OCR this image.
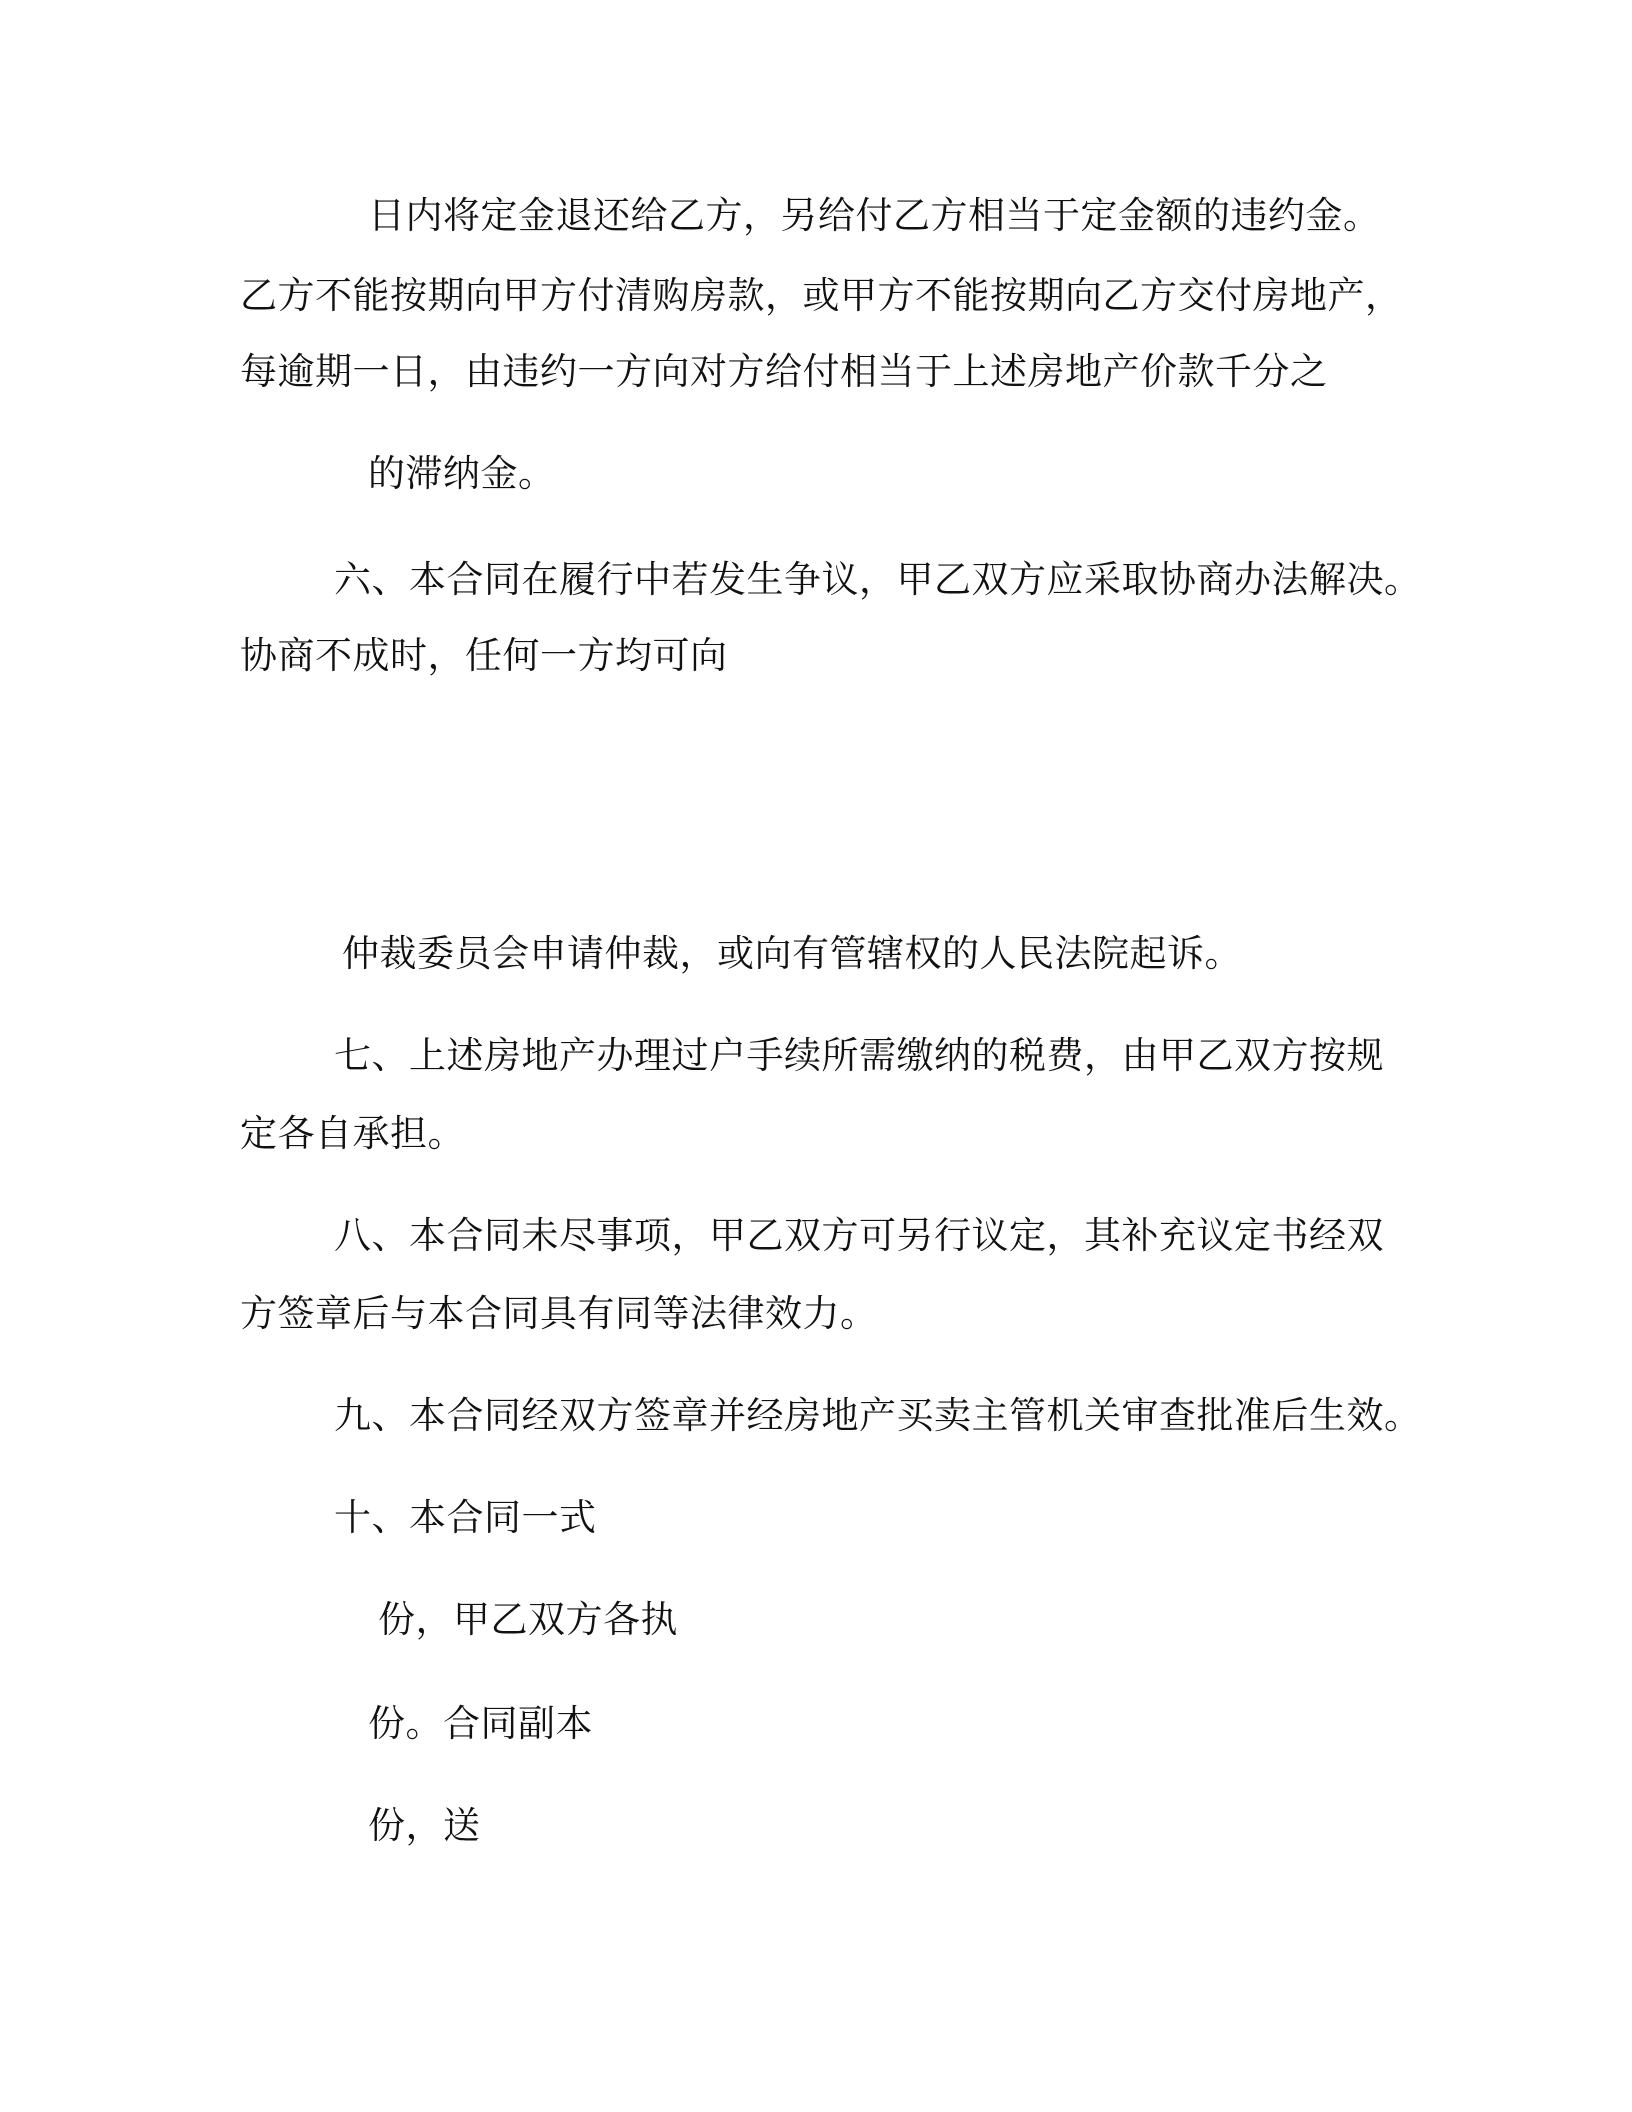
日内将定金退还给乙方，另给付乙方相当于定金额的违约金。
乙方不能按期向甲方付清购房款，或甲方不能按期向乙方交付房地产，
每逾期一日，由违约一方向对方给付相当于上述房地产价款千分之
的滞纳金。
六、本合同在履行中若发生争议，甲乙双方应采取协商办法解决。
协商不成时，任何一方均可向
仲裁委员会申请仲裁，或向有管辖权的人民法院起诉。
七、上述房地产办理过户手续所需缴纳的税费，由甲乙双方按规
定各自承担。
八、本合同未尽事项，甲乙双方可另行议定，其补充议定书经双
方签章后与本合同具有同等法律效力。
九、本合同经双方签章并经房地产买卖主管机关审查批准后生效。
十、本合同一式
份，甲乙双方各执
份。合同副本
份，送
